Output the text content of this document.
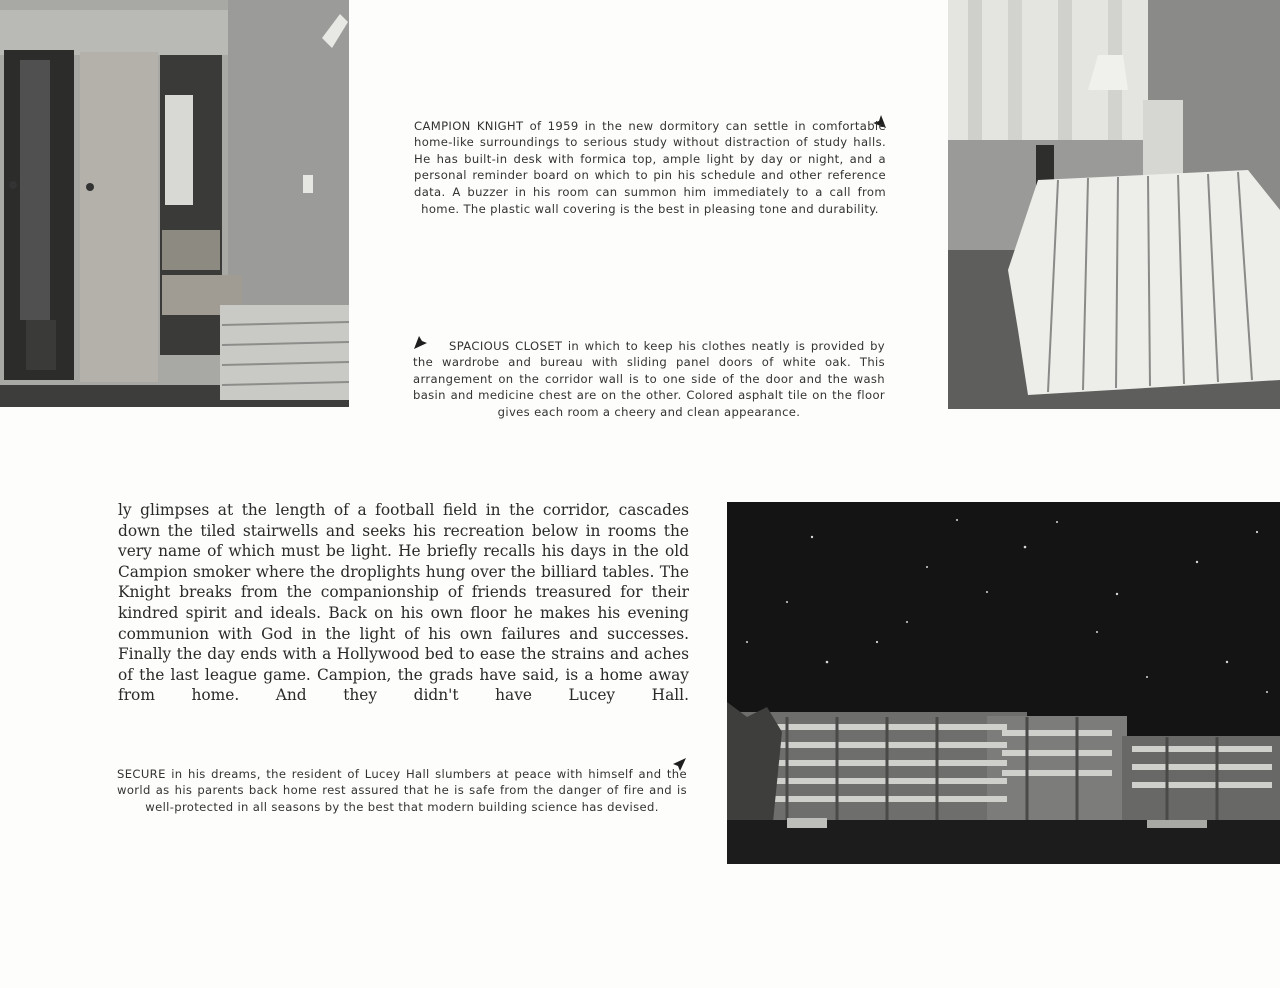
CAMPION KNIGHT of 1959 in the new dormitory can settle in comfortable home-like surroundings to serious study without distraction of study halls. He has built-in desk with formica top, ample light by day or night, and a personal reminder board on which to pin his schedule and other reference data. A buzzer in his room can summon him immediately to a call from home. The plastic wall covering is the best in pleasing tone and durability.

SPACIOUS CLOSET in which to keep his clothes neatly is provided by the wardrobe and bureau with sliding panel doors of white oak. This arrangement on the corridor wall is to one side of the door and the wash basin and medicine chest are on the other. Colored asphalt tile on the floor gives each room a cheery and clean appearance.

SECURE in his dreams, the resident of Lucey Hall slumbers at peace with himself and the world as his parents back home rest assured that he is safe from the danger of fire and is well-protected in all seasons by the best that modern building science has devised.

ly glimpses at the length of a football field in the corridor, cascades down the tiled stairwells and seeks his recreation below in rooms the very name of which must be light. He briefly recalls his days in the old Campion smoker where the droplights hung over the billiard tables. The Knight breaks from the companionship of friends treasured for their kindred spirit and ideals. Back on his own floor he makes his evening communion with God in the light of his own failures and successes. Finally the day ends with a Hollywood bed to ease the strains and aches of the last league game. Campion, the grads have said, is a home away from home. And they didn't have Lucey Hall.
